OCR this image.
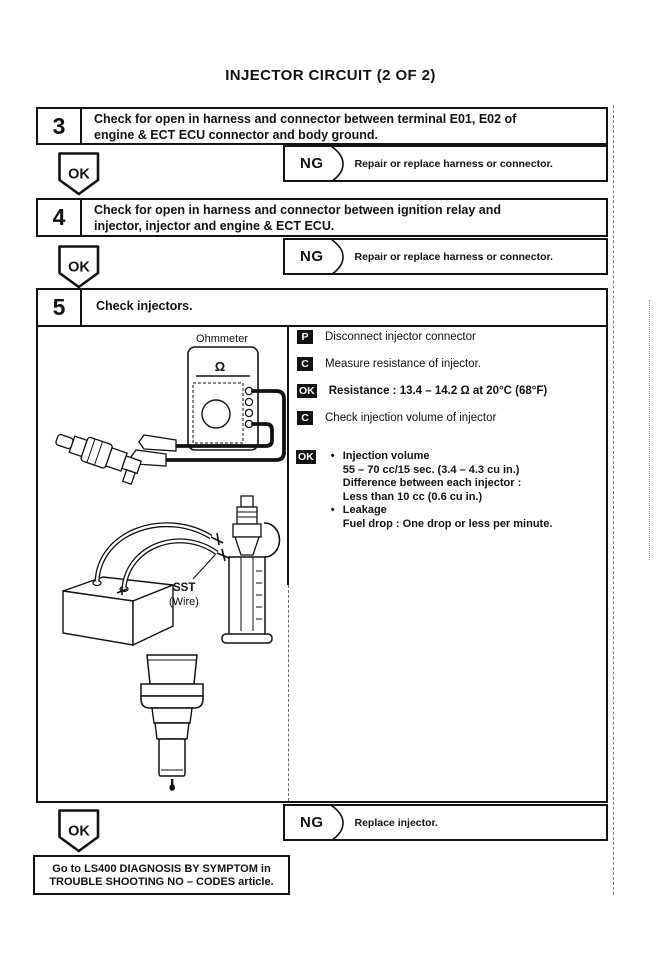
INJECTOR CIRCUIT (2 OF 2)
3	Check for open in harness and connector between terminal E01, E02 of
engine & ECT ECU connector and body ground.
NG	Repair or replace harness or connector.
OK
4	Check for open in harness and connector between ignition relay and
injector, injector and engine & ECT ECU.
NG	Repair or replace harness or connector.
OK
5	Check injectors.
P	Disconnect injector connector
C	Measure resistance of injector.
OK Resistance : 13.4 – 14.2 Ω at 20°C (68°F)
C	Check injection volume of injector
OK	• Injection volume
55 – 70 cc/15 sec. (3.4 – 4.3 cu in.)
Difference between each injector :
Less than 10 cc (0.6 cu in.)
• Leakage
Fuel drop : One drop or less per minute.
Ohmmeter
Ω
SST
(Wire)
NG	Replace injector.
OK
Go to LS400 DIAGNOSIS BY SYMPTOM in
TROUBLE SHOOTING NO – CODES article.
